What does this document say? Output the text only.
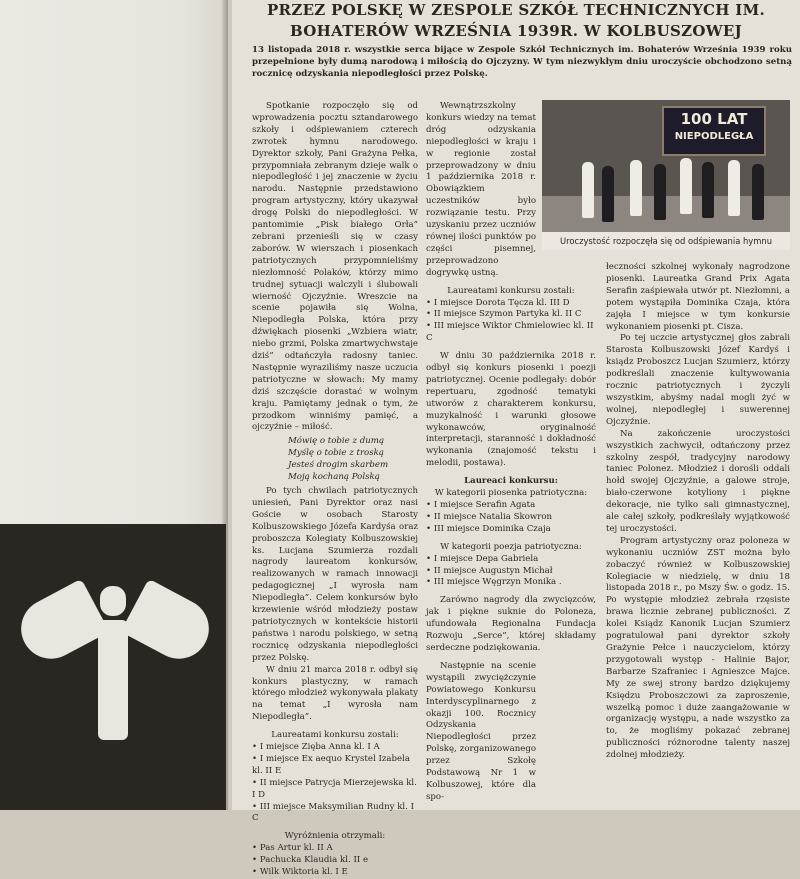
PRZEZ POLSKĘ W ZESPOLE SZKÓŁ TECHNICZNYCH IM.
BOHATERÓW WRZEŚNIA 1939R. W KOLBUSZOWEJ
13 listopada 2018 r. wszystkie serca bijące w Zespole Szkół Technicznych im. Bohaterów Września 1939 roku przepełnione były dumą narodową i miłością do Ojczyzny. W tym niezwykłym dniu uroczyście obchodzono setną rocznicę odzyskania niepodległości przez Polskę.

Spotkanie rozpoczęło się od wprowadzenia pocztu sztandarowego szkoły i odśpiewaniem czterech zwrotek hymnu narodowego. Dyrektor szkoły, Pani Grażyna Pełka, przypomniała zebranym dzieje walk o niepodległość i jej znaczenie w życiu narodu. Następnie przedstawiono program artystyczny, który ukazywał drogę Polski do niepodległości. W pantomimie „Pisk białego Orła” zebrani przenieśli się w czasy zaborów. W wierszach i piosenkach patriotycznych przypomnieliśmy niezłomność Polaków, którzy mimo trudnej sytuacji walczyli i ślubowali wierność Ojczyźnie. Wreszcie na scenie pojawiła się Wolna, Niepodległa Polska, która przy dźwiękach piosenki „Wzbiera wiatr, niebo grzmi, Polska zmartwychwstaje dziś” odtańczyła radosny taniec. Następnie wyraziliśmy nasze uczucia patriotyczne w słowach: My mamy dziś szczęście dorastać w wolnym kraju. Pamiętamy jednak o tym, że przodkom winniśmy pamięć, a ojczyźnie – miłość.

Mówię o tobie z dumą
Myślę o tobie z troską
Jesteś drogim skarbem
Moją kochaną Polską

Po tych chwilach patriotycznych uniesień, Pani Dyrektor oraz nasi Goście w osobach Starosty Kolbuszowskiego Józefa Kardyśa oraz proboszcza Kolegiaty Kolbuszowskiej ks. Lucjana Szumierza rozdali nagrody laureatom konkursów, realizowanych w ramach innowacji pedagogicznej „I wyrosła nam Niepodległa”. Celem konkursów było krzewienie wśród młodzieży postaw patriotycznych w kontekście historii państwa i narodu polskiego, w setną rocznicę odzyskania niepodległości przez Polskę.

W dniu 21 marca 2018 r. odbył się konkurs plastyczny, w ramach którego młodzież wykonywała plakaty na temat „I wyrosła nam Niepodległa”.

Laureatami konkursu zostali:

• I miejsce Zięba Anna kl. I A

• I miejsce Ex aequo Krystel Izabela kl. II E

• II miejsce Patrycja Mierzejewska kl. I D

• III miejsce Maksymilian Rudny kl. I C

Wyróżnienia otrzymali:

• Pas Artur kl. II A

• Pachucka Klaudia kl. II e

• Wilk Wiktoria kl. I E

Wewnątrzszkolny konkurs wiedzy na temat dróg odzyskania niepodległości w kraju i w regionie został przeprowadzony w dniu 1 października 2018 r. Obowiązkiem uczestników było rozwiązanie testu. Przy uzyskaniu przez uczniów równej ilości punktów po części pisemnej, przeprowadzono dogrywkę ustną.

Laureatami konkursu zostali:

• I miejsce Dorota Tęcza kl. III D

• II miejsce Szymon Partyka kl. II C

• III miejsce Wiktor Chmielowiec kl. II C

W dniu 30 października 2018 r. odbył się konkurs piosenki i poezji patriotycznej. Ocenie podlegały: dobór repertuaru, zgodność tematyki utworów z charakterem konkursu, muzykalność i warunki głosowe wykonawców, oryginalność interpretacji, staranność i dokładność wykonania (znajomość tekstu i melodii, postawa).

Laureaci konkursu:

W kategorii piosenka patriotyczna:

• I miejsce Serafin Agata

• II miejsce Natalia Skowron

• III miejsce Dominika Czaja

W kategorii poezja patriotyczna:

• I miejsce Depa Gabriela

• II miejsce Augustyn Michał

• III miejsce Węgrzyn Monika .

Zarówno nagrody dla zwycięzców, jak i piękne suknie do Poloneza, ufundowała Regionalna Fundacja Rozwoju „Serce”, której składamy serdeczne podziękowania.

Następnie na scenie wystąpili zwyciężczynie Powiatowego Konkursu Interdyscyplinarnego z okazji 100. Rocznicy Odzyskania Niepodległości przez Polskę, zorganizowanego przez Szkołę Podstawową Nr 1 w Kolbuszowej, które dla spo-

100 LAT
NIEPODLEGŁA
Uroczystość rozpoczęła się od odśpiewania hymnu

łeczności szkolnej wykonały nagrodzone piosenki. Laureatka Grand Prix Agata Serafin zaśpiewała utwór pt. Niezłomni, a potem wystąpiła Dominika Czaja, która zajęła I miejsce w tym konkursie wykonaniem piosenki pt. Cisza.

Po tej uczcie artystycznej głos zabrali Starosta Kolbuszowski Józef Kardyś i ksiądz Proboszcz Lucjan Szumierz, którzy podkreślali znaczenie kultywowania rocznic patriotycznych i życzyli wszystkim, abyśmy nadal mogli żyć w wolnej, niepodległej i suwerennej Ojczyźnie.

Na zakończenie uroczystości wszystkich zachwycił, odtańczony przez szkolny zespół, tradycyjny narodowy taniec Polonez. Młodzież i dorośli oddali hołd swojej Ojczyźnie, a galowe stroje, biało-czerwone kotyliony i piękne dekoracje, nie tylko sali gimnastycznej, ale całej szkoły, podkreślały wyjątkowość tej uroczystości.

Program artystyczny oraz poloneza w wykonaniu uczniów ZST można było zobaczyć również w Kolbuszowskiej Kolegiacie w niedzielę, w dniu 18 listopada 2018 r., po Mszy Św. o godz. 15. Po występie młodzież zebrała rzęsiste brawa licznie zebranej publiczności. Z kolei Ksiądz Kanonik Lucjan Szumierz pogratulował pani dyrektor szkoły Grażynie Pełce i nauczycielom, którzy przygotowali występ - Halinie Bajor, Barbarze Szafraniec i Agnieszce Majce. My ze swej strony bardzo dziękujemy Księdzu Proboszczowi za zaproszenie, wszelką pomoc i duże zaangażowanie w organizację występu, a nade wszystko za to, że mogliśmy pokazać zebranej publiczności różnorodne talenty naszej zdolnej młodzieży.
